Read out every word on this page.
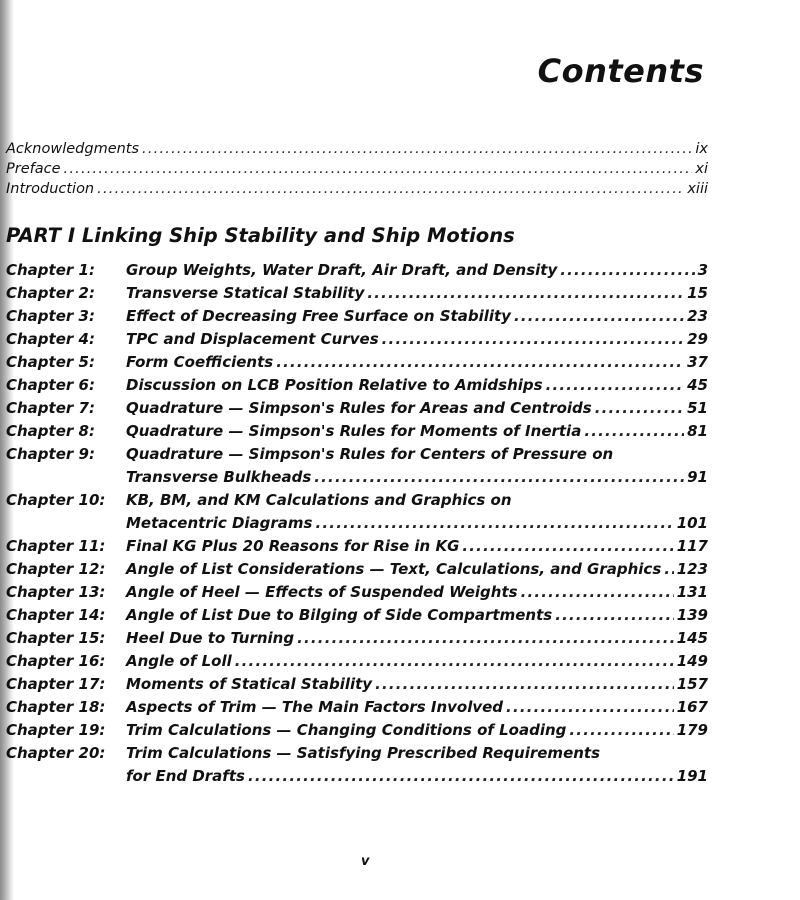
Contents
Acknowledgments .....	ix
Preface .....	xi
Introduction .....	xiii
PART I Linking Ship Stability and Ship Motions
Chapter 1:	Group Weights, Water Draft, Air Draft, and Density .....	3
Chapter 2:	Transverse Statical Stability .....	15
Chapter 3:	Effect of Decreasing Free Surface on Stability .....	23
Chapter 4:	TPC and Displacement Curves .....	29
Chapter 5:	Form Coefficients .....	37
Chapter 6:	Discussion on LCB Position Relative to Amidships .....	45
Chapter 7:	Quadrature — Simpson's Rules for Areas and Centroids .....	51
Chapter 8:	Quadrature — Simpson's Rules for Moments of Inertia .....	81
Chapter 9:	Quadrature — Simpson's Rules for Centers of Pressure on
Transverse Bulkheads .....	91
Chapter 10:	KB, BM, and KM Calculations and Graphics on
Metacentric Diagrams .....	101
Chapter 11:	Final KG Plus 20 Reasons for Rise in KG .....	117
Chapter 12:	Angle of List Considerations — Text, Calculations, and Graphics ..... 123
Chapter 13:	Angle of Heel — Effects of Suspended Weights .....	131
Chapter 14:	Angle of List Due to Bilging of Side Compartments .....	139
Chapter 15:	Heel Due to Turning .....	145
Chapter 16:	Angle of Loll .....	149
Chapter 17:	Moments of Statical Stability .....	157
Chapter 18:	Aspects of Trim — The Main Factors Involved .....	167
Chapter 19:	Trim Calculations — Changing Conditions of Loading .....	179
Chapter 20:	Trim Calculations — Satisfying Prescribed Requirements
for End Drafts .....	191
v
